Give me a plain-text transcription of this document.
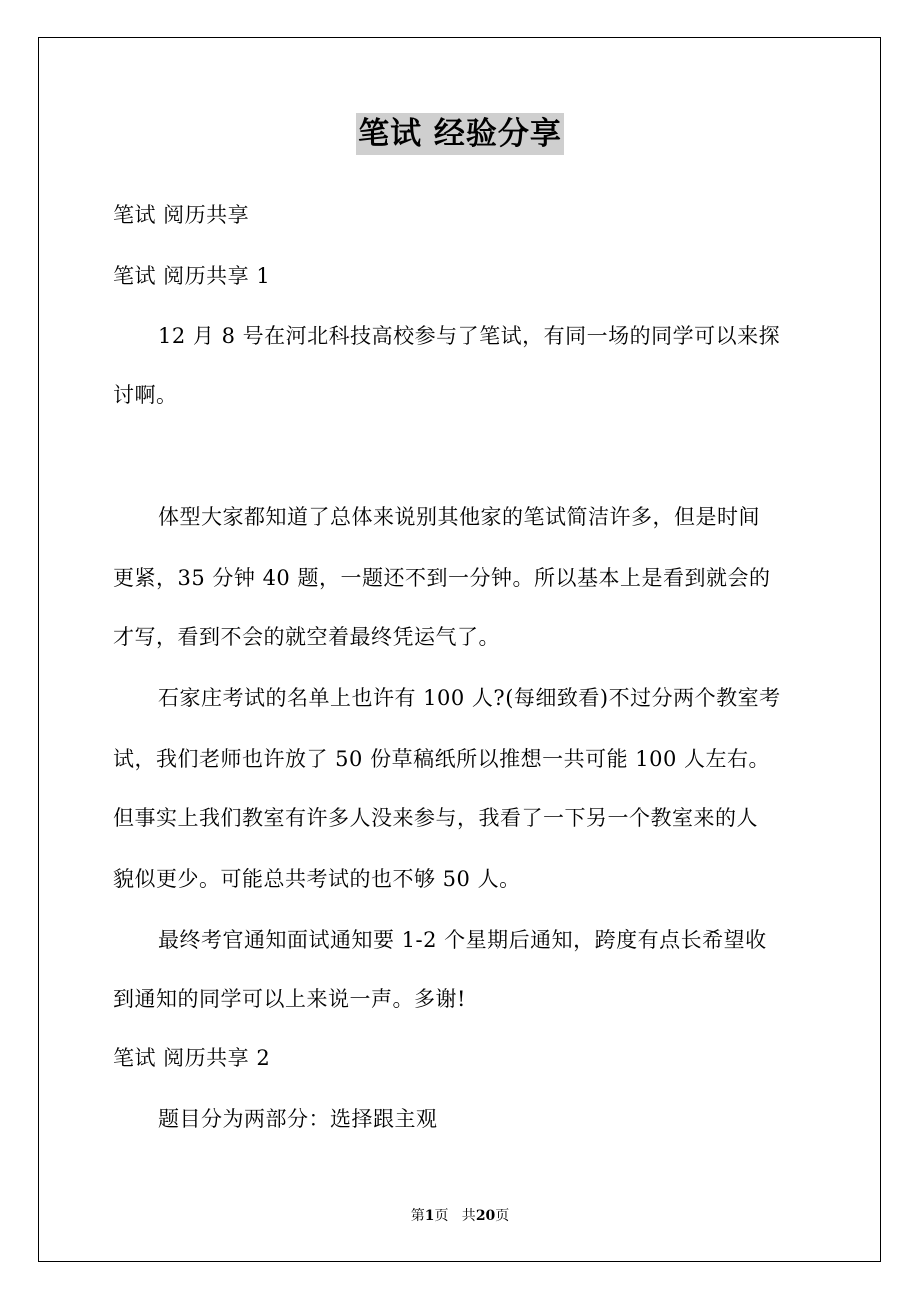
笔试 经验分享
笔试 阅历共享
笔试 阅历共享 1
12 月 8 号在河北科技高校参与了笔试，有同一场的同学可以来探
讨啊。
体型大家都知道了总体来说别其他家的笔试简洁许多，但是时间
更紧，35 分钟 40 题，一题还不到一分钟。所以基本上是看到就会的
才写，看到不会的就空着最终凭运气了。
石家庄考试的名单上也许有 100 人?(每细致看)不过分两个教室考
试，我们老师也许放了 50 份草稿纸所以推想一共可能 100 人左右。
但事实上我们教室有许多人没来参与，我看了一下另一个教室来的人
貌似更少。可能总共考试的也不够 50 人。
最终考官通知面试通知要 1-2 个星期后通知，跨度有点长希望收
到通知的同学可以上来说一声。多谢!
笔试 阅历共享 2
题目分为两部分：选择跟主观
第1页   共20页
